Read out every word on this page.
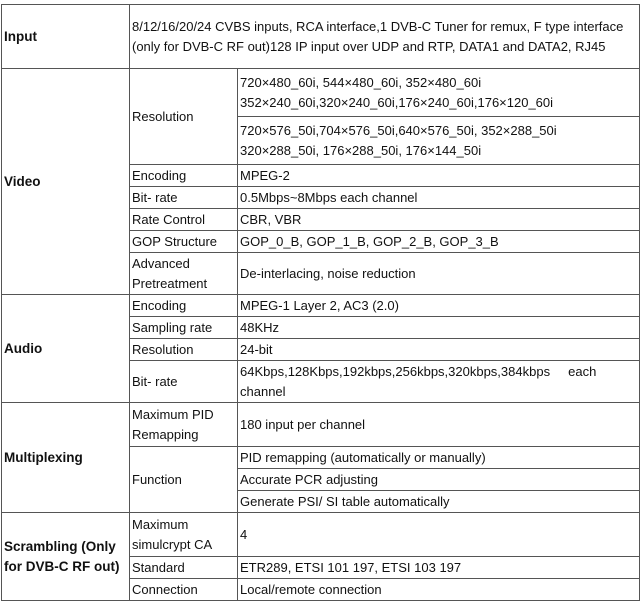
Input	8/12/16/20/24 CVBS inputs, RCA interface,1 DVB-C Tuner for remux, F type interface (only for DVB-C RF out)128 IP input over UDP and RTP, DATA1 and DATA2, RJ45	
Video	Resolution	720×480_60i, 544×480_60i, 352×480_60i
352×240_60i,320×240_60i,176×240_60i,176×120_60i

		720×576_50i,704×576_50i,640×576_50i, 352×288_50i
320×288_50i, 176×288_50i, 176×144_50i

	Encoding	MPEG-2
	Bit- rate	0.5Mbps~8Mbps each channel
	Rate Control	CBR, VBR
	GOP Structure	GOP_0_B, GOP_1_B, GOP_2_B, GOP_3_B
	Advanced Pretreatment	De-interlacing, noise reduction

Audio	Encoding	MPEG-1 Layer 2, AC3 (2.0)
	Sampling rate	48KHz
	Resolution	24-bit
	Bit- rate	64Kbps,128Kbps,192kbps,256kbps,320kbps,384kbps     each channel
Multiplexing	Maximum PID Remapping	180 input per channel
	Function	PID remapping (automatically or manually)
		Accurate PCR adjusting
		Generate PSI/ SI table automatically
Scrambling (Only for DVB-C RF out)	Maximum simulcrypt CA	4
	Standard	ETR289, ETSI 101 197, ETSI 103 197
	Connection	Local/remote connection
